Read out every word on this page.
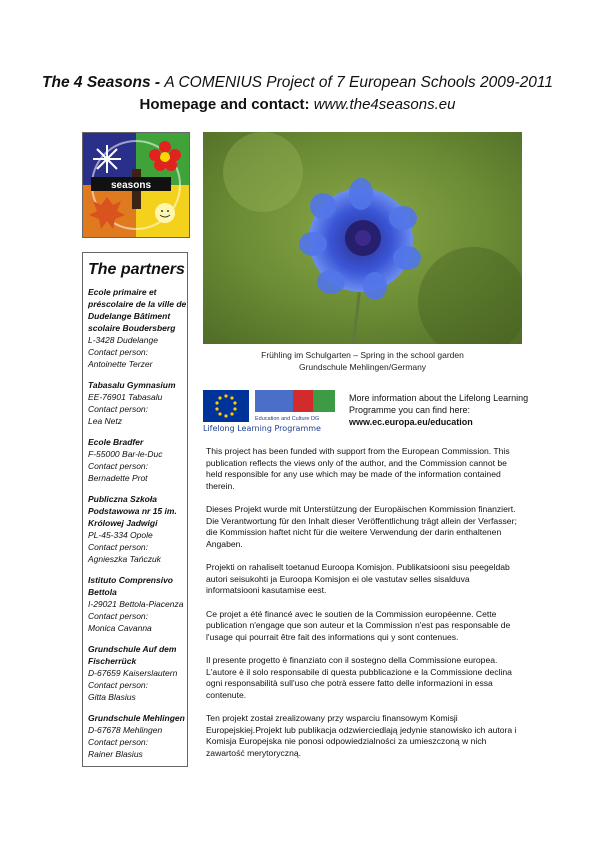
The 4 Seasons - A COMENIUS Project of 7 European Schools 2009-2011
Homepage and contact: www.the4seasons.eu
seasons
The partners
Ecole primaire et préscolaire de la ville de Dudelange Bâtiment scolaire Boudersberg
L-3428 Dudelange
Contact person:
Antoinette Terzer
Tabasalu Gymnasium
EE-76901 Tabasalu
Contact person:
Lea Netz
Ecole Bradfer
F-55000 Bar-le-Duc
Contact person:
Bernadette Prot
Publiczna Szkoła Podstawowa nr 15 im. Królowej Jadwigi
PL-45-334 Opole
Contact person:
Agnieszka Tańczuk
Istituto Comprensivo Bettola
I-29021 Bettola-Piacenza
Contact person:
Monica Cavanna
Grundschule Auf dem Fischerrück
D-67659 Kaiserslautern
Contact person:
Gitta Blasius
Grundschule Mehlingen
D-67678 Mehlingen
Contact person:
Rainer Blasius
Frühling im Schulgarten – Spring in the school garden
Grundschule Mehlingen/Germany
Education and Culture DG
Lifelong Learning Programme
More information about the Lifelong Learning Programme you can find here:
www.ec.europa.eu/education

This project has been funded with support from the European Commission. This publication reflects the views only of the author, and the Commission cannot be held responsible for any use which may be made of the information contained therein.

Dieses Projekt wurde mit Unterstützung der Europäischen Kommission finanziert. Die Verantwortung für den Inhalt dieser Veröffentlichung trägt allein der Verfasser; die Kommission haftet nicht für die weitere Verwendung der darin enthaltenen Angaben.

Projekti on rahaliselt toetanud Euroopa Komisjon. Publikatsiooni sisu peegeldab autori seisukohti ja Euroopa Komisjon ei ole vastutav selles sisalduva informatsiooni kasutamise eest.

Ce projet a été financé avec le soutien de la Commission européenne. Cette publication n'engage que son auteur et la Commission n'est pas responsable de l'usage qui pourrait être fait des informations qui y sont contenues.

Il presente progetto è finanziato con il sostegno della Commissione europea. L'autore è il solo responsabile di questa pubblicazione e la Commissione declina ogni responsabilità sull'uso che potrà essere fatto delle informazioni in essa contenute.

Ten projekt został zrealizowany przy wsparciu finansowym Komisji Europejskiej.Projekt lub publikacja odzwierciedlają jedynie stanowisko ich autora i Komisja Europejska nie ponosi odpowiedzialności za umieszczoną w nich zawartość merytoryczną.
